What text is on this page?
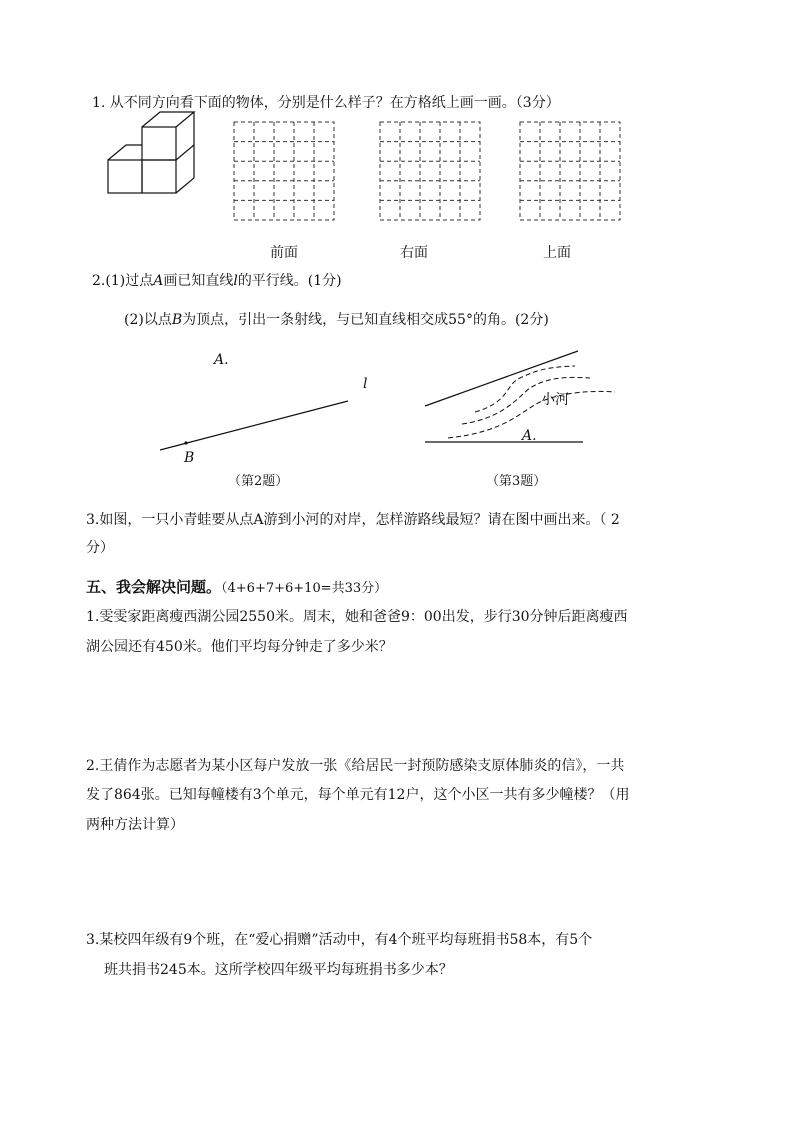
1. 从不同方向看下面的物体，分别是什么样子？在方格纸上画一画。（3分）
前面	右面	上面
2.(1)过点A画已知直线l的平行线。(1分)
(2)以点B为顶点，引出一条射线，与已知直线相交成55°的角。(2分)
A.
l
B
（第2题）
小河
A.
（第3题）
3.如图，一只小青蛙要从点A游到小河的对岸，怎样游路线最短？请在图中画出来。（ 2
分）
五、我会解决问题。（4+6+7+6+10=共33分）
1.雯雯家距离瘦西湖公园2550米。周末，她和爸爸9：00出发，步行30分钟后距离瘦西
湖公园还有450米。他们平均每分钟走了多少米？
2.王倩作为志愿者为某小区每户发放一张《给居民一封预防感染支原体肺炎的信》，一共
发了864张。已知每幢楼有3个单元，每个单元有12户，这个小区一共有多少幢楼？（用
两种方法计算）
3.某校四年级有9个班，在“爱心捐赠”活动中，有4个班平均每班捐书58本，有5个
班共捐书245本。这所学校四年级平均每班捐书多少本？
